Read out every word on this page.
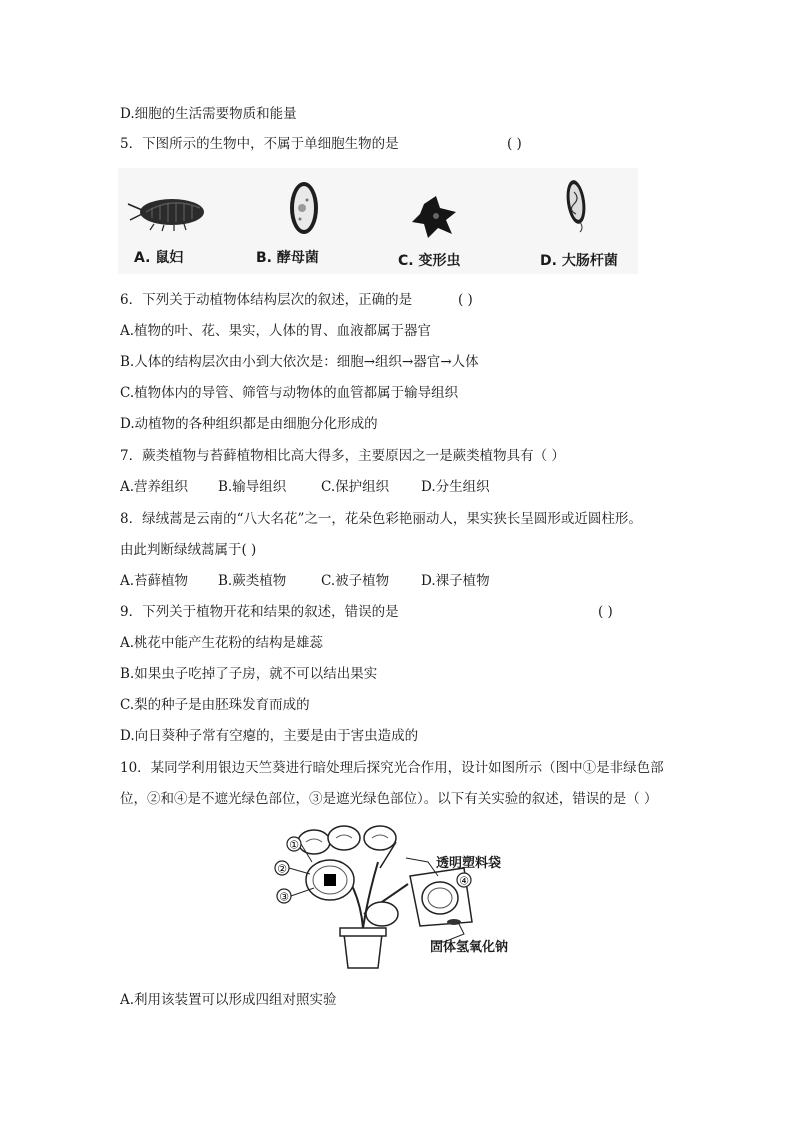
D.细胞的生活需要物质和能量
5．下图所示的生物中，不属于单细胞生物的是	( )
A. 鼠妇	B. 酵母菌	C. 变形虫	D. 大肠杆菌
6．下列关于动植物体结构层次的叙述，正确的是	( )
A.植物的叶、花、果实，人体的胃、血液都属于器官
B.人体的结构层次由小到大依次是：细胞→组织→器官→人体
C.植物体内的导管、筛管与动物体的血管都属于输导组织
D.动植物的各种组织都是由细胞分化形成的
7．蕨类植物与苔藓植物相比高大得多，主要原因之一是蕨类植物具有（ ）
A.营养组织 B.输导组织	C.保护组织 D.分生组织
8．绿绒蒿是云南的“八大名花”之一，花朵色彩艳丽动人，果实狭长呈圆形或近圆柱形。
由此判断绿绒蒿属于( )
A.苔藓植物 B.蕨类植物	C.被子植物 D.裸子植物
9．下列关于植物开花和结果的叙述，错误的是	( )
A.桃花中能产生花粉的结构是雄蕊
B.如果虫子吃掉了子房，就不可以结出果实
C.梨的种子是由胚珠发育而成的
D.向日葵种子常有空瘪的，主要是由于害虫造成的
10．某同学利用银边天竺葵进行暗处理后探究光合作用，设计如图所示（图中①是非绿色部
位，②和④是不遮光绿色部位，③是遮光绿色部位）。以下有关实验的叙述，错误的是（ ）
①
②
③
④
透明塑料袋
固体氢氧化钠
A.利用该装置可以形成四组对照实验
